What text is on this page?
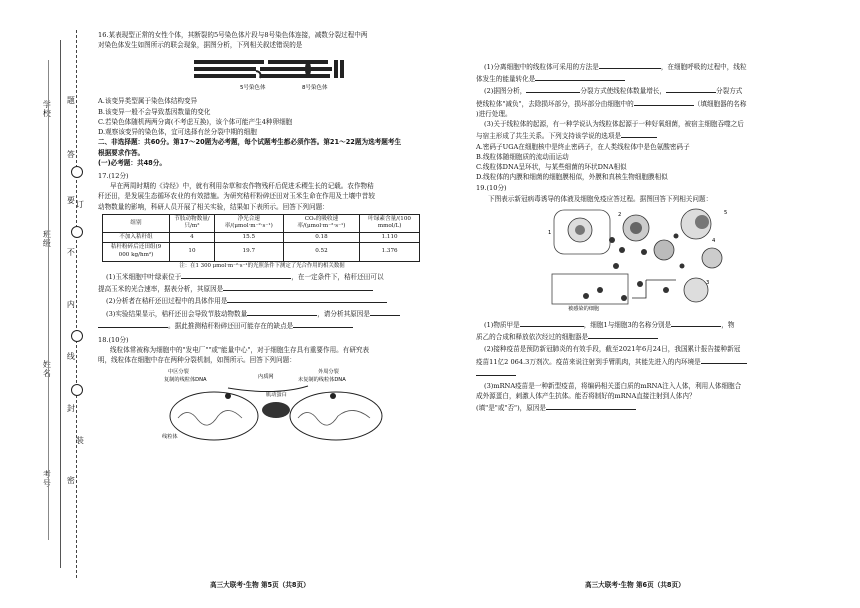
题
答
要
不
内
线
封
密
订
装
考号
姓名
班级
学校
16.某表现型正常的女性个体，其断裂的5号染色体片段与8号染色体连接，减数分裂过程中两
对染色体发生如图所示的联会现象，据图分析，下列相关叙述错误的是
5号染色体	8号染色体
A.该变异类型属于染色体结构变异
B.该变异一般不会导致基因数量的变化
C.若染色体随机两两分离(不考虑互换)，该个体可能产生4种卵细胞
D.观察该变异的染色体，宜可选择有丝分裂中期的细胞
二、非选择题：共60分。第17～20题为必考题，每个试题考生都必须作答。第21～22题为选考题考生
根据要求作答。
(一)必考题：共48分。
17.(12分)
早在两周时期的《诗经》中，就有利用杂草和农作物残秆后促进禾稷生长的记载。农作物秸
秆还田，是发展生态循环农业的有效措施。为研究秸秆粉碎还田对玉米生命在作用及土壤中昔较
动物数量的影响，科研人员开展了相关实验，结果如下表所示。回答下列问题：
组别	节肢动物数量/只/m²	净光合速率/(μmol·m⁻²·s⁻¹)	CO₂的吸收速率/(μmol·m⁻²·s⁻¹)	叶绿素含量/(100 mmol/L)
不加入秸秆组	4	15.5	0.18	1.110
秸秆粉碎后还田组(9 000 kg/hm²)	10	19.7	0.52	1.376
注：在1 300 μmol·m⁻²·s⁻¹的光照条件下测定了光合作用的相关数据
(1)玉米细胞中叶绿素位于	，在一定条件下，秸秆还田可以
提高玉米的光合速率，据表分析，其原因是
(2)分析者在秸秆还田过程中的具体作用是
(3)实验结果显示，秸秆还田会导致节肢动物数量	，请分析其原因是
。据此推测秸秆粉碎还田可能存在的缺点是
18.(10分)
线粒体常被称为细胞中的"发电厂""或"能量中心"，对于细胞生存具有重要作用。有研究表
明，线粒体在细胞中存在两种分裂机制，如图所示。回答下列问题：
中区分裂	外周分裂
复制的线粒体DNA	内质网
肌动蛋白
未复制的线粒体DNA
线粒体
高三大联考·生物 第5页（共8页）
(1)分离细胞中的线粒体可采用的方法是	，在细胞呼吸的过程中，线粒
体发生的能量转化是
(2)据图分析，	分裂方式使线粒体数量增长，	分裂方式
使线粒体"减负"，去除损坏部分，损坏部分由细胞中的	（填细胞器的名称
)进行处理。
(3)关于线粒体的起源，有一种学说认为线粒体起源于一种好氧细菌，被宿主细胞吞噬之后
与宿主形成了共生关系。下列支持该学说的选项是
A.密码子UGA在细胞核中是终止密码子，在人类线粒体中是色氨酸密码子
B.线粒体随细胞质的流动而运动
C.线粒体DNA呈环状，与某些细菌的环状DNA相似
D.线粒体的内膜和细菌的细胞膜相似，外膜和真核生物细胞膜相似
19.(10分)
下图表示新冠病毒诱导的体液及细胞免疫应答过程。据图回答下列相关问题：
1
2
3
4
5
被感染的细胞
(1)物质甲是	，细胞1与细胞3的名称分别是	，物
质乙的合成和释放依次经过的细胞器是
(2)接种疫苗是预防新冠肺炎的有效手段，截至2021年6月24日，我国累计报告接种新冠
疫苗11亿2 064.3万剂次。疫苗来说注射到手臂肌肉，其能先进入的内环境是
(3)mRNA疫苗是一种新型疫苗，将编码相关蛋白质的mRNA注入人体，利用人体细胞合
成外源蛋白，刺激人体产生抗体。能否将制好的mRNA直接注射到人体内？
(填"是"或"否")，原因是
高三大联考·生物 第6页（共8页）
